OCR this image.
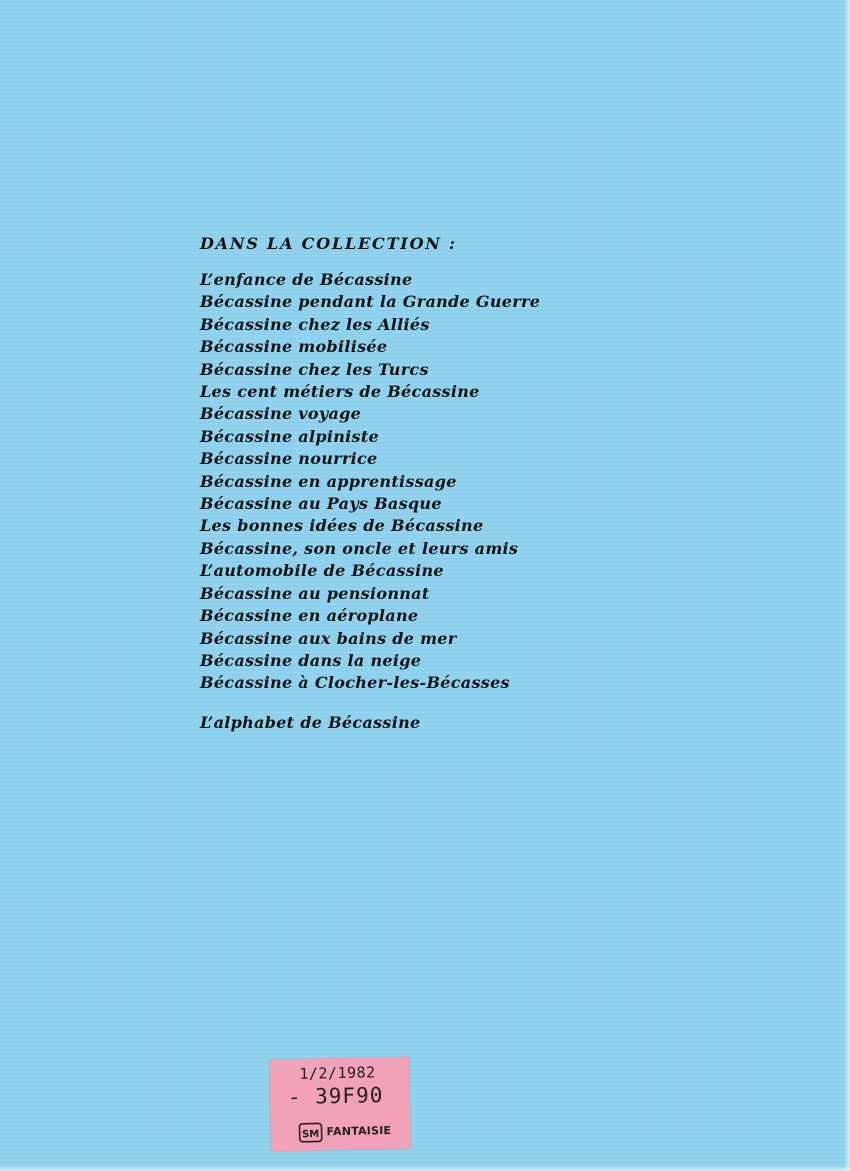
DANS LA COLLECTION :
L’enfance de Bécassine
Bécassine pendant la Grande Guerre
Bécassine chez les Alliés
Bécassine mobilisée
Bécassine chez les Turcs
Les cent métiers de Bécassine
Bécassine voyage
Bécassine alpiniste
Bécassine nourrice
Bécassine en apprentissage
Bécassine au Pays Basque
Les bonnes idées de Bécassine
Bécassine, son oncle et leurs amis
L’automobile de Bécassine
Bécassine au pensionnat
Bécassine en aéroplane
Bécassine aux bains de mer
Bécassine dans la neige
Bécassine à Clocher-les-Bécasses
L’alphabet de Bécassine
1/2/1982
- 39F90
SM FANTAISIE
